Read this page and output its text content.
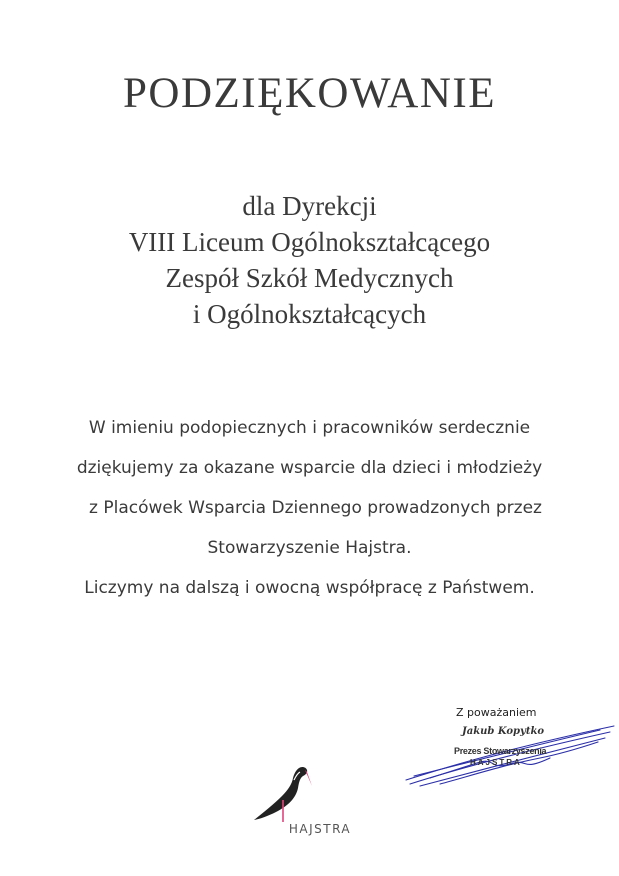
PODZIĘKOWANIE
dla Dyrekcji
VIII Liceum Ogólnokształcącego
Zespół Szkół Medycznych
i Ogólnokształcących
W imieniu podopiecznych i pracowników serdecznie
dziękujemy za okazane wsparcie dla dzieci i młodzieży
z Placówek Wsparcia Dziennego prowadzonych przez
Stowarzyszenie Hajstra.
Liczymy na dalszą i owocną współpracę z Państwem.
Z poważaniem
Jakub Kopytko
Prezes Stowarzyszenia
HAJSTRA
HAJSTRA
